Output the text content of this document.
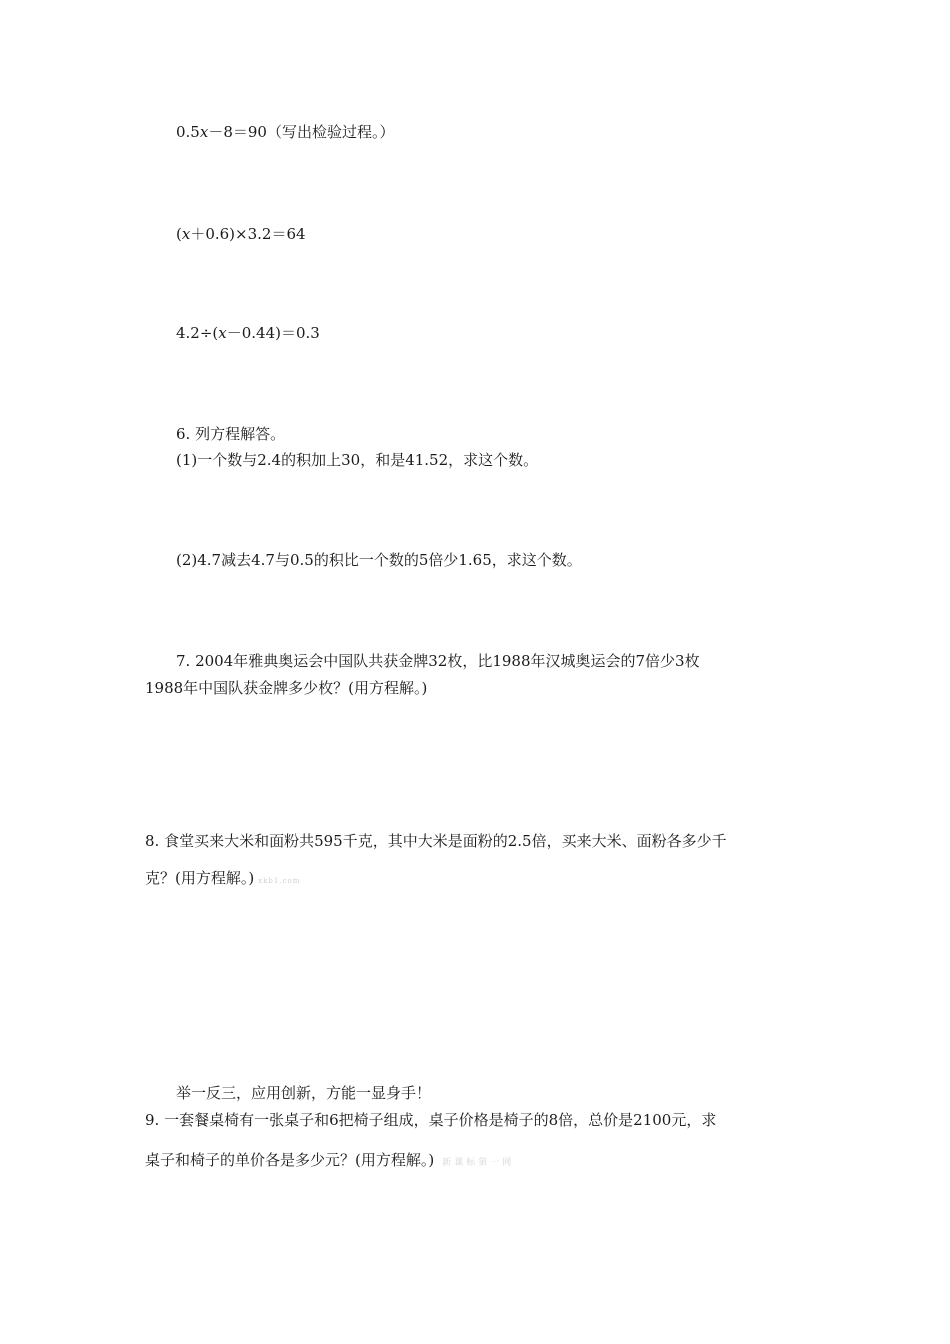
0.5x－8＝90（写出检验过程。）
(x＋0.6)×3.2＝64
4.2÷(x－0.44)＝0.3
6. 列方程解答。
(1)一个数与2.4的积加上30，和是41.52，求这个数。
(2)4.7减去4.7与0.5的积比一个数的5倍少1.65，求这个数。
7. 2004年雅典奥运会中国队共获金牌32枚，比1988年汉城奥运会的7倍少3枚
1988年中国队获金牌多少枚？(用方程解。)
8. 食堂买来大米和面粉共595千克，其中大米是面粉的2.5倍，买来大米、面粉各多少千
克？(用方程解。) xkb1.com
举一反三，应用创新，方能一显身手！
9. 一套餐桌椅有一张桌子和6把椅子组成，桌子价格是椅子的8倍，总价是2100元，求
桌子和椅子的单价各是多少元？(用方程解。) 新课标第一网
